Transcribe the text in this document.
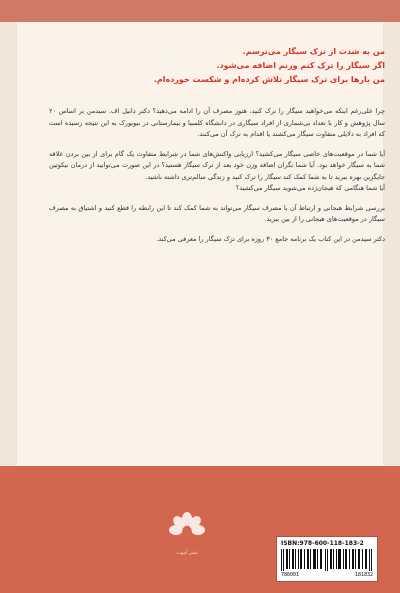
من به شدت از ترک سیگار می‌ترسم.
اگر سیگار را ترک کنم وزنم اضافه می‌شود.
من بارها برای ترک سیگار تلاش کرده‌ام و شکست خورده‌ام.

چرا علی‌رغم اینکه می‌خواهید سیگار را ترک کنید، هنوز مصرف آن را ادامه می‌دهید؟ دکتر دانیل اف. سیدمن بر اساس ۲۰ سال پژوهش و کار با تعداد بی‌شماری از افراد سیگاری در دانشگاه کلمبیا و بیمارستانی در نیویورک به این نتیجه رسیده است که افراد به دلایلی متفاوت سیگار می‌کشند یا اقدام به ترک آن می‌کنند.

آیا شما در موقعیت‌های خاصی سیگار می‌کشید؟ ارزیابی واکنش‌های شما در شرایط متفاوت یک گام برای از بین بردن علاقه شما به سیگار خواهد بود. آیا شما نگران اضافه وزن خود بعد از ترک سیگار هستید؟ در این صورت می‌توانید از درمان نیکوتین جایگزین بهره ببرید تا به شما کمک کند سیگار را ترک کنید و زندگی سالم‌تری داشته باشید.

آیا شما هنگامی که هیجان‌زده می‌شوید سیگار می‌کشید؟

بررسی شرایط هیجانی و ارتباط آن با مصرف سیگار می‌تواند به شما کمک کند تا این رابطه را قطع کنید و اشتیاق به مصرف سیگار در موقعیت‌های هیجانی را از بین ببرید.

دکتر سیدمن در این کتاب یک برنامه جامع ۳۰ روزه برای ترک سیگار را معرفی می‌کند.

نشر آموت
ISBN:978-600-118-183-2
786001	181832
